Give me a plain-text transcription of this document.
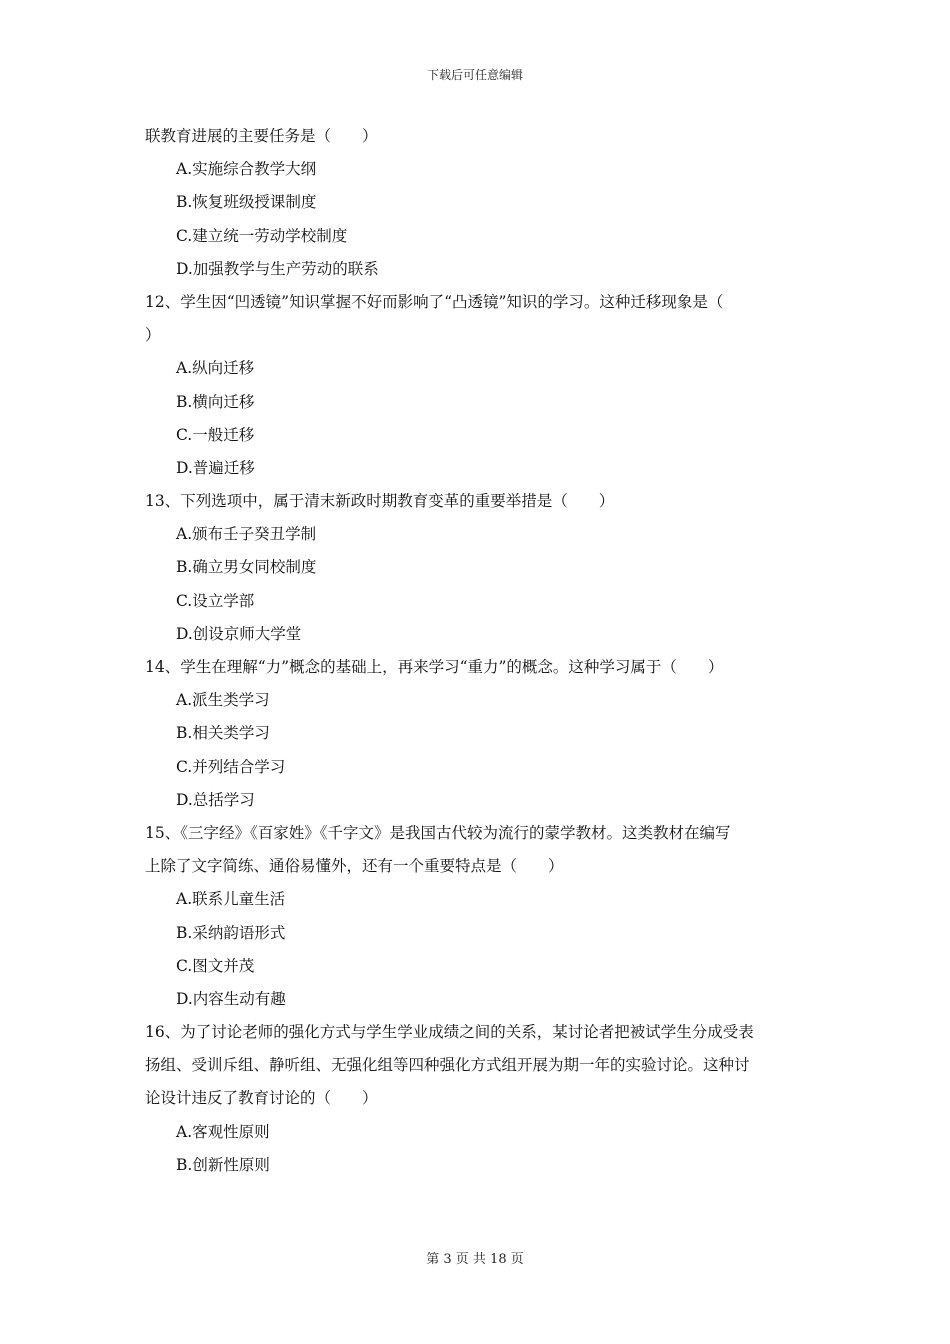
下载后可任意编辑
联教育进展的主要任务是（　　）
A.实施综合教学大纲
B.恢复班级授课制度
C.建立统一劳动学校制度
D.加强教学与生产劳动的联系
12、学生因“凹透镜”知识掌握不好而影响了“凸透镜”知识的学习。这种迁移现象是（
）
A.纵向迁移
B.横向迁移
C.一般迁移
D.普遍迁移
13、下列选项中，属于清末新政时期教育变革的重要举措是（　　）
A.颁布壬子癸丑学制
B.确立男女同校制度
C.设立学部
D.创设京师大学堂
14、学生在理解“力”概念的基础上，再来学习“重力”的概念。这种学习属于（　　）
A.派生类学习
B.相关类学习
C.并列结合学习
D.总括学习
15、《三字经》《百家姓》《千字文》是我国古代较为流行的蒙学教材。这类教材在编写
上除了文字简练、通俗易懂外，还有一个重要特点是（　　）
A.联系儿童生活
B.采纳韵语形式
C.图文并茂
D.内容生动有趣
16、为了讨论老师的强化方式与学生学业成绩之间的关系，某讨论者把被试学生分成受表
扬组、受训斥组、静听组、无强化组等四种强化方式组开展为期一年的实验讨论。这种讨
论设计违反了教育讨论的（　　）
A.客观性原则
B.创新性原则
第 3 页 共 18 页
